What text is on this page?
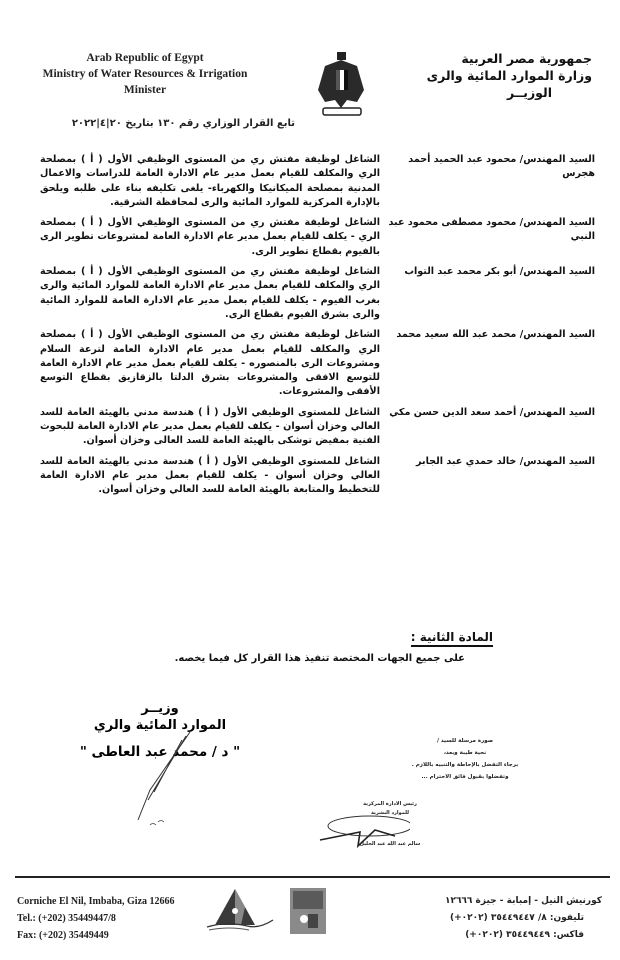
Arab Republic of Egypt
Ministry of Water Resources & Irrigation
Minister
جمهورية مصر العربية
وزارة الموارد المائية والرى
الوزيــر
تابع القرار الوزاري رقم ١٣٠ بتاريخ ٢٠|٤|٢٠٢٢
السيد المهندس/ محمود عبد الحميد أحمد هجرس
الشاغل لوظيفة مفتش ري من المستوى الوظيفي الأول ( أ ) بمصلحة الري والمكلف للقيام بعمل مدير عام الادارة العامة للدراسات والاعمال المدنية بمصلحة الميكانيكا والكهرباء- يلغى تكليفه بناء على طلبه ويلحق بالإدارة المركزية للموارد المائية والرى لمحافظة الشرقية.
السيد المهندس/ محمود مصطفى محمود عبد النبي
الشاغل لوظيفة مفتش ري من المستوى الوظيفي الأول ( أ ) بمصلحة الري - يكلف للقيام بعمل مدير عام الادارة العامة لمشروعات تطوير الرى بالفيوم بقطاع تطوير الرى.
السيد المهندس/ أبو بكر محمد عبد التواب
الشاغل لوظيفة مفتش ري من المستوى الوظيفي الأول ( أ ) بمصلحة الري والمكلف للقيام بعمل مدير عام الادارة العامة للموارد المائية والرى بغرب الفيوم - يكلف للقيام بعمل مدير عام الادارة العامة للموارد المائية والرى بشرق الفيوم بقطاع الرى.
السيد المهندس/ محمد عبد الله سعيد محمد
الشاغل لوظيفة مفتش ري من المستوى الوظيفي الأول ( أ ) بمصلحة الري والمكلف للقيام بعمل مدير عام الادارة العامة لترعة السلام ومشروعات الرى بالمنصوره - يكلف للقيام بعمل مدير عام الادارة العامة للتوسع الافقى والمشروعات بشرق الدلتا بالزقازيق بقطاع التوسع الأفقى والمشروعات.
السيد المهندس/ أحمد سعد الدين حسن مكي
الشاغل للمستوى الوظيفي الأول ( أ ) هندسة مدني بالهيئة العامة للسد العالي وخزان أسوان - يكلف للقيام بعمل مدير عام الادارة العامة للبحوث الفنية بمفيض توشكى بالهيئة العامة للسد العالى وخزان أسوان.
السيد المهندس/ خالد حمدي عبد الجابر
الشاغل للمستوى الوظيفي الأول ( أ ) هندسة مدني بالهيئة العامة للسد العالي وخزان أسوان - يكلف للقيام بعمل مدير عام الادارة العامة للتخطيط والمتابعة بالهيئة العامة للسد العالي وخزان أسوان.
المادة الثانية :
على جميع الجهات المختصة تنفيذ هذا القرار كل فيما يخصه.
وزيــر
الموارد المائية والري
" د / محمد عبد العاطى "
صورة مرسلة للسيد /
نحية طيبة وبعد،
برجاء التفضل بالإحاطة والتنبيه باللازم .
وتفضلوا بقبول فائق الاحترام ...
رئيس الادارة المركزية
للموارد البشرية
سالم عبد الله عبد الجليل
Corniche El Nil, Imbaba, Giza 12666
Tel.: (+202) 35449447/8
Fax: (+202) 35449449
كورنيش النيل - إمبابة - جيزة ١٢٦٦٦
تليفون: ٨/ ٣٥٤٤٩٤٤٧ (٠٢٠٢+)
فاكس: ٣٥٤٤٩٤٤٩ (٠٢٠٢+)
